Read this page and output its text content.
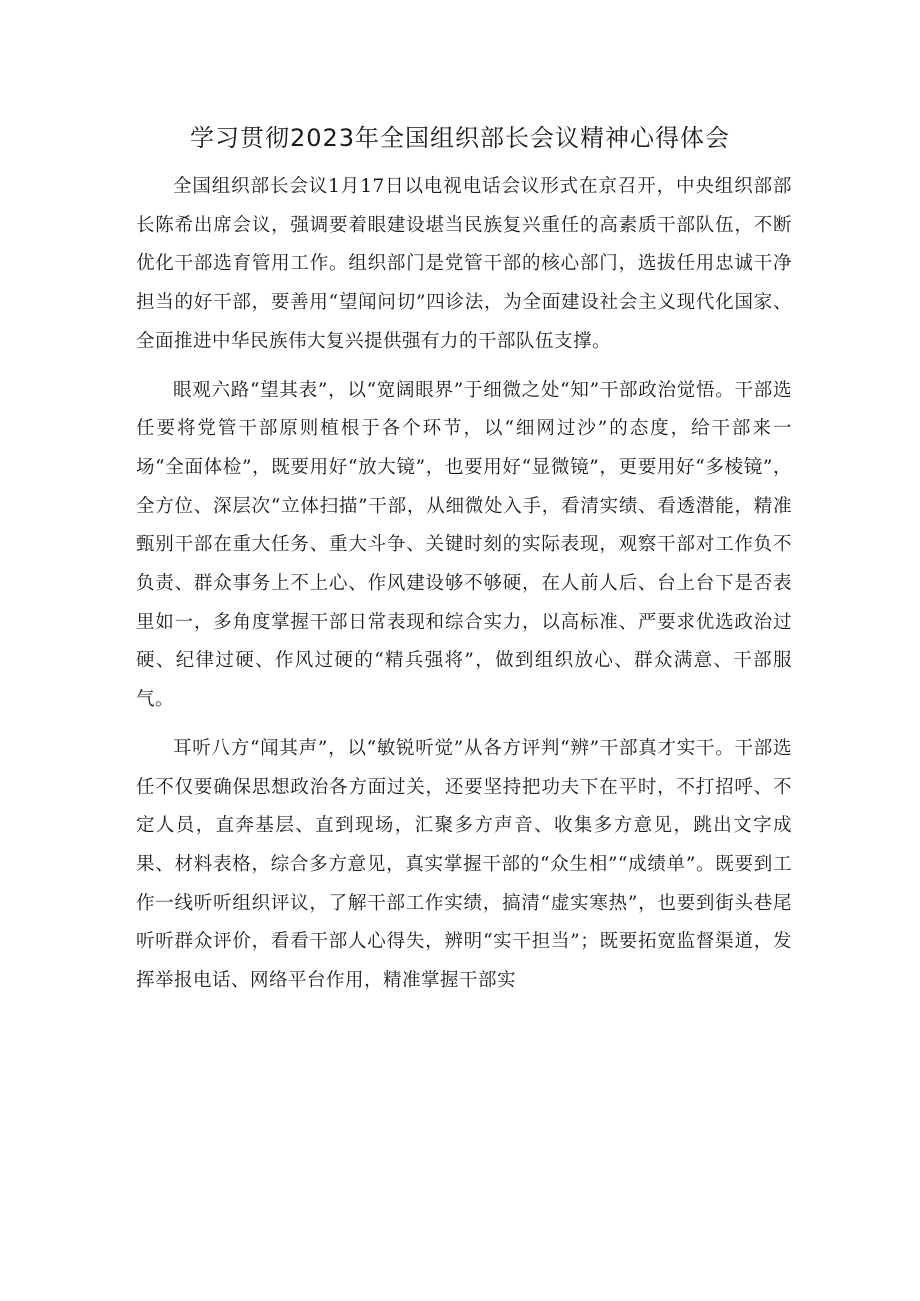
学习贯彻2023年全国组织部长会议精神心得体会

全国组织部长会议1月17日以电视电话会议形式在京召开，中央组织部部长陈希出席会议，强调要着眼建设堪当民族复兴重任的高素质干部队伍，不断优化干部选育管用工作。组织部门是党管干部的核心部门，选拔任用忠诚干净担当的好干部，要善用“望闻问切”四诊法，为全面建设社会主义现代化国家、全面推进中华民族伟大复兴提供强有力的干部队伍支撑。

眼观六路“望其表”，以“宽阔眼界”于细微之处“知”干部政治觉悟。干部选任要将党管干部原则植根于各个环节，以“细网过沙”的态度，给干部来一场“全面体检”，既要用好“放大镜”，也要用好“显微镜”，更要用好“多棱镜”，全方位、深层次“立体扫描”干部，从细微处入手，看清实绩、看透潜能，精准甄别干部在重大任务、重大斗争、关键时刻的实际表现，观察干部对工作负不负责、群众事务上不上心、作风建设够不够硬，在人前人后、台上台下是否表里如一，多角度掌握干部日常表现和综合实力，以高标准、严要求优选政治过硬、纪律过硬、作风过硬的“精兵强将”，做到组织放心、群众满意、干部服气。

耳听八方“闻其声”，以“敏锐听觉”从各方评判“辨”干部真才实干。干部选任不仅要确保思想政治各方面过关，还要坚持把功夫下在平时，不打招呼、不定人员，直奔基层、直到现场，汇聚多方声音、收集多方意见，跳出文字成果、材料表格，综合多方意见，真实掌握干部的“众生相”“成绩单”。既要到工作一线听听组织评议，了解干部工作实绩，搞清“虚实寒热”，也要到街头巷尾听听群众评价，看看干部人心得失，辨明“实干担当”；既要拓宽监督渠道，发挥举报电话、网络平台作用，精准掌握干部实
